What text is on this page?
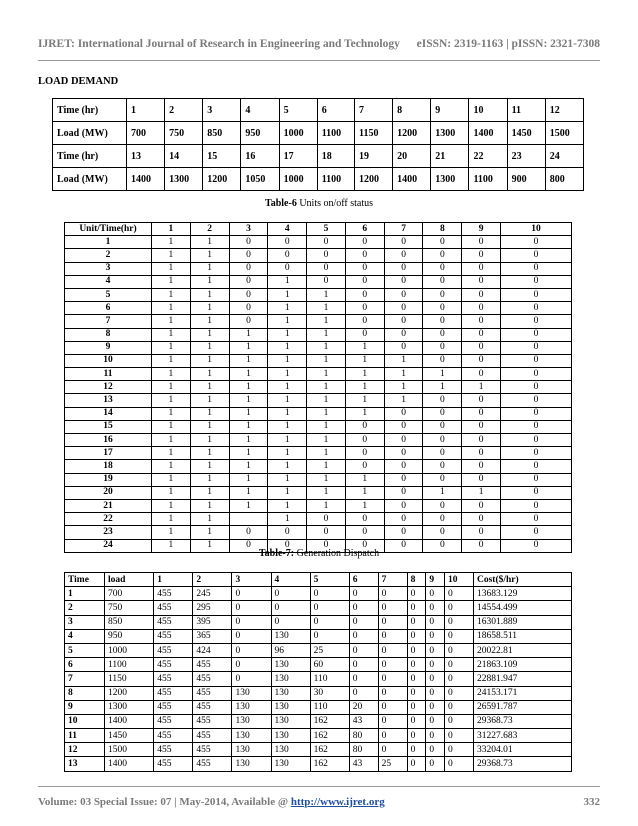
IJRET: International Journal of Research in Engineering and Technology eISSN: 2319-1163 | pISSN: 2321-7308
LOAD DEMAND
Time (hr)	1	2	3	4	5	6	7	8	9	10	11	12
Load (MW)	700	750	850	950	1000	1100	1150	1200	1300	1400	1450	1500
Time (hr)	13	14	15	16	17	18	19	20	21	22	23	24
Load (MW)	1400	1300	1200	1050	1000	1100	1200	1400	1300	1100	900	800
Table-6 Units on/off status
Unit/Time(hr)	1	2	3	4	5	6	7	8	9	10
1	1	1	0	0	0	0	0	0	0	0
2	1	1	0	0	0	0	0	0	0	0
3	1	1	0	0	0	0	0	0	0	0
4	1	1	0	1	0	0	0	0	0	0
5	1	1	0	1	1	0	0	0	0	0
6	1	1	0	1	1	0	0	0	0	0
7	1	1	0	1	1	0	0	0	0	0
8	1	1	1	1	1	0	0	0	0	0
9	1	1	1	1	1	1	0	0	0	0
10	1	1	1	1	1	1	1	0	0	0
11	1	1	1	1	1	1	1	1	0	0
12	1	1	1	1	1	1	1	1	1	0
13	1	1	1	1	1	1	1	0	0	0
14	1	1	1	1	1	1	0	0	0	0
15	1	1	1	1	1	0	0	0	0	0
16	1	1	1	1	1	0	0	0	0	0
17	1	1	1	1	1	0	0	0	0	0
18	1	1	1	1	1	0	0	0	0	0
19	1	1	1	1	1	1	0	0	0	0
20	1	1	1	1	1	1	0	1	1	0
21	1	1	1	1	1	1	0	0	0	0
22	1	1		1	0	0	0	0	0	0
23	1	1	0	0	0	0	0	0	0	0
24	1	1	0	0	0	0	0	0	0	0
Table-7: Generation Dispatch
Time	load	1	2	3	4	5	6	7	8	9	10	Cost($/hr)
1	700	455	245	0	0	0	0	0	0	0	0	13683.129
2	750	455	295	0	0	0	0	0	0	0	0	14554.499
3	850	455	395	0	0	0	0	0	0	0	0	16301.889
4	950	455	365	0	130	0	0	0	0	0	0	18658.511
5	1000	455	424	0	96	25	0	0	0	0	0	20022.81
6	1100	455	455	0	130	60	0	0	0	0	0	21863.109
7	1150	455	455	0	130	110	0	0	0	0	0	22881.947
8	1200	455	455	130	130	30	0	0	0	0	0	24153.171
9	1300	455	455	130	130	110	20	0	0	0	0	26591.787
10	1400	455	455	130	130	162	43	0	0	0	0	29368.73
11	1450	455	455	130	130	162	80	0	0	0	0	31227.683
12	1500	455	455	130	130	162	80	0	0	0	0	33204.01
13	1400	455	455	130	130	162	43	25	0	0	0	29368.73
Volume: 03 Special Issue: 07 | May-2014, Available @ http://www.ijret.org	332
